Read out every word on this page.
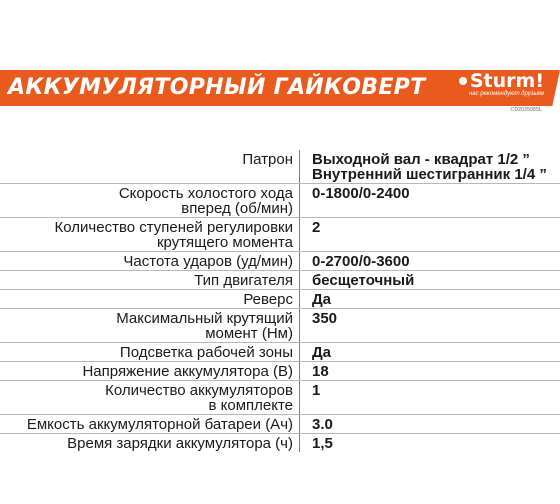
АККУМУЛЯТОРНЫЙ ГАЙКОВЕРТ	Sturm!
нас рекомендуют друзьям
CD2035085L
Патрон Выходной вал - квадрат 1/2 ”
Внутренний шестигранник 1/4 ”
Скорость холостого хода
вперед (об/мин)
0-1800/0-2400
Количество ступеней регулировки
крутящего момента
2
Частота ударов (уд/мин) 0-2700/0-3600
Тип двигателя бесщеточный
Реверс Да
Максимальный крутящий
момент (Нм)
350
Подсветка рабочей зоны Да
Напряжение аккумулятора (В) 18
Количество аккумуляторов
в комплекте
1
Емкость аккумуляторной батареи (Ач) 3.0
Время зарядки аккумулятора (ч) 1,5
